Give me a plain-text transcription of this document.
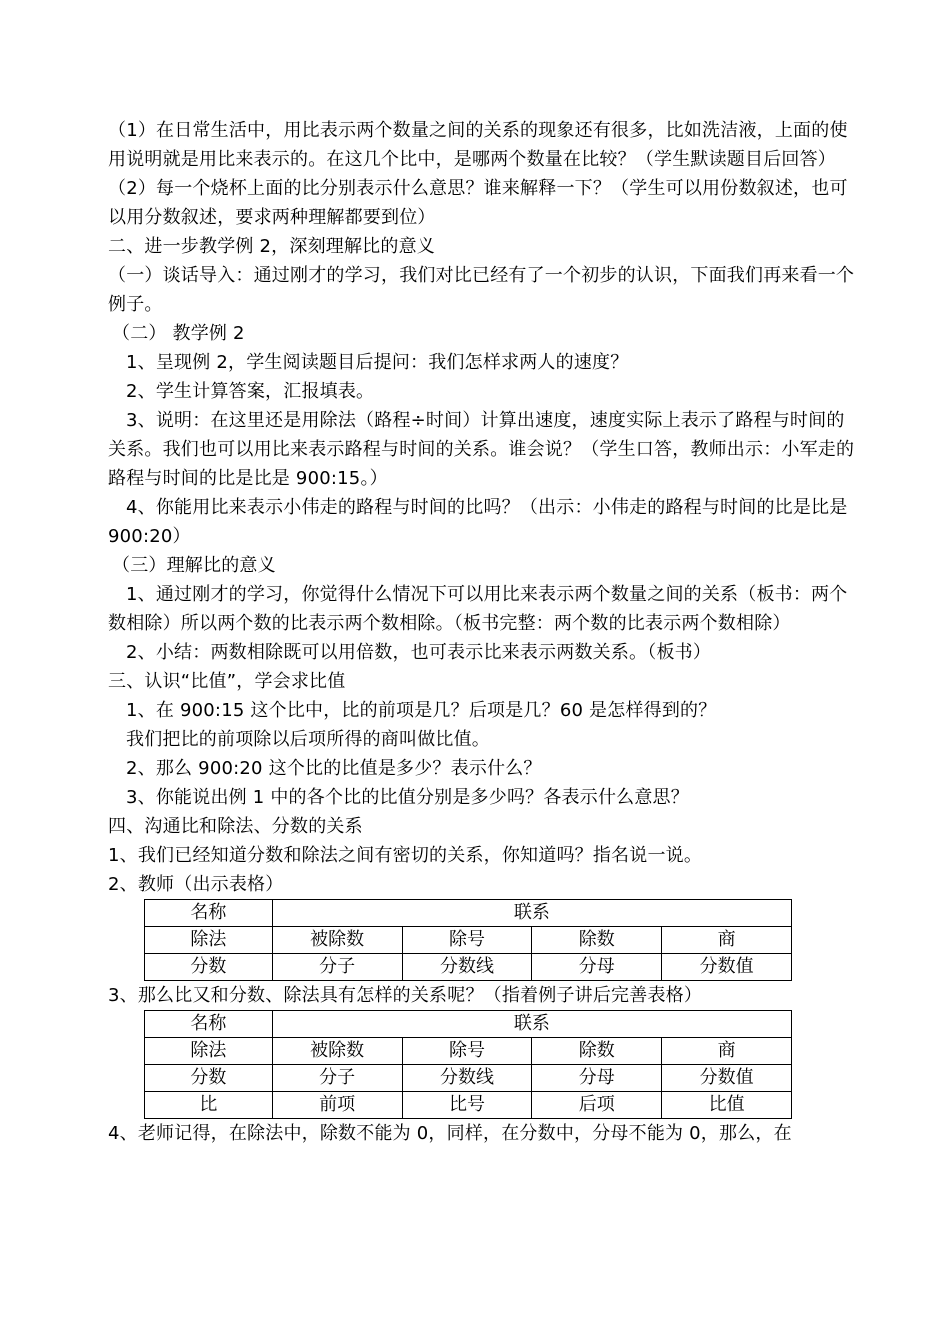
（1）在日常生活中，用比表示两个数量之间的关系的现象还有很多，比如洗洁液，上面的使用说明就是用比来表示的。在这几个比中，是哪两个数量在比较？（学生默读题目后回答）

（2）每一个烧杯上面的比分别表示什么意思？谁来解释一下？（学生可以用份数叙述，也可以用分数叙述，要求两种理解都要到位）

二、进一步教学例 2，深刻理解比的意义

（一）谈话导入：通过刚才的学习，我们对比已经有了一个初步的认识，下面我们再来看一个例子。

（二） 教学例 2

1、呈现例 2，学生阅读题目后提问：我们怎样求两人的速度？

2、学生计算答案，汇报填表。

3、说明：在这里还是用除法（路程÷时间）计算出速度，速度实际上表示了路程与时间的关系。我们也可以用比来表示路程与时间的关系。谁会说？（学生口答，教师出示：小军走的路程与时间的比是比是 900:15。）

4、你能用比来表示小伟走的路程与时间的比吗？（出示：小伟走的路程与时间的比是比是 900:20）

（三）理解比的意义

1、通过刚才的学习，你觉得什么情况下可以用比来表示两个数量之间的关系（板书：两个数相除）所以两个数的比表示两个数相除。（板书完整：两个数的比表示两个数相除）

2、小结：两数相除既可以用倍数，也可表示比来表示两数关系。（板书）

三、认识“比值”，学会求比值

1、在 900:15 这个比中，比的前项是几？后项是几？60 是怎样得到的？

我们把比的前项除以后项所得的商叫做比值。

2、那么 900:20 这个比的比值是多少？表示什么？

3、你能说出例 1 中的各个比的比值分别是多少吗？各表示什么意思？

四、沟通比和除法、分数的关系

1、我们已经知道分数和除法之间有密切的关系，你知道吗？指名说一说。

2、教师（出示表格）

名称	联系			
除法	被除数	除号	除数	商
分数	分子	分数线	分母	分数值

3、那么比又和分数、除法具有怎样的关系呢？（指着例子讲后完善表格）

名称	联系			
除法	被除数	除号	除数	商
分数	分子	分数线	分母	分数值
比	前项	比号	后项	比值

4、老师记得，在除法中，除数不能为 0，同样，在分数中，分母不能为 0，那么，在
